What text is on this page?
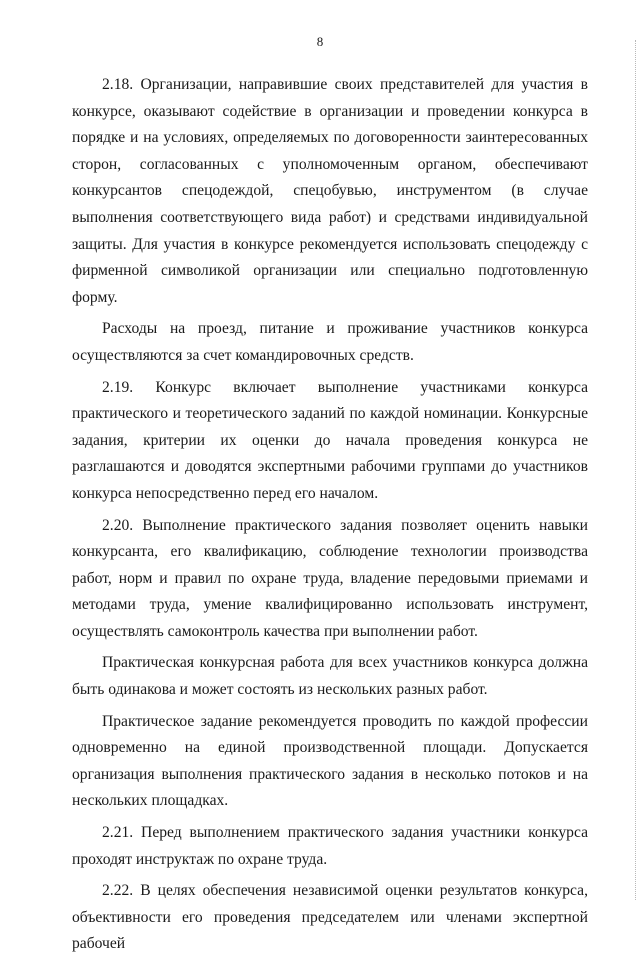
8

2.18. Организации, направившие своих представителей для участия в конкурсе, оказывают содействие в организации и проведении конкурса в порядке и на условиях, определяемых по договоренности заинтересованных сторон, согласованных с уполномоченным органом, обеспечивают конкурсантов спецодеждой, спецобувью, инструментом (в случае выполнения соответствующего вида работ) и средствами индивидуальной защиты. Для участия в конкурсе рекомендуется использовать спецодежду с фирменной символикой организации или специально подготовленную форму.

Расходы на проезд, питание и проживание участников конкурса осуществляются за счет командировочных средств.

2.19. Конкурс включает выполнение участниками конкурса практического и теоретического заданий по каждой номинации. Конкурсные задания, критерии их оценки до начала проведения конкурса не разглашаются и доводятся экспертными рабочими группами до участников конкурса непосредственно перед его началом.

2.20. Выполнение практического задания позволяет оценить навыки конкурсанта, его квалификацию, соблюдение технологии производства работ, норм и правил по охране труда, владение передовыми приемами и методами труда, умение квалифицированно использовать инструмент, осуществлять самоконтроль качества при выполнении работ.

Практическая конкурсная работа для всех участников конкурса должна быть одинакова и может состоять из нескольких разных работ.

Практическое задание рекомендуется проводить по каждой профессии одновременно на единой производственной площади. Допускается организация выполнения практического задания в несколько потоков и на нескольких площадках.

2.21. Перед выполнением практического задания участники конкурса проходят инструктаж по охране труда.

2.22. В целях обеспечения независимой оценки результатов конкурса, объективности его проведения председателем или членами экспертной рабочей
